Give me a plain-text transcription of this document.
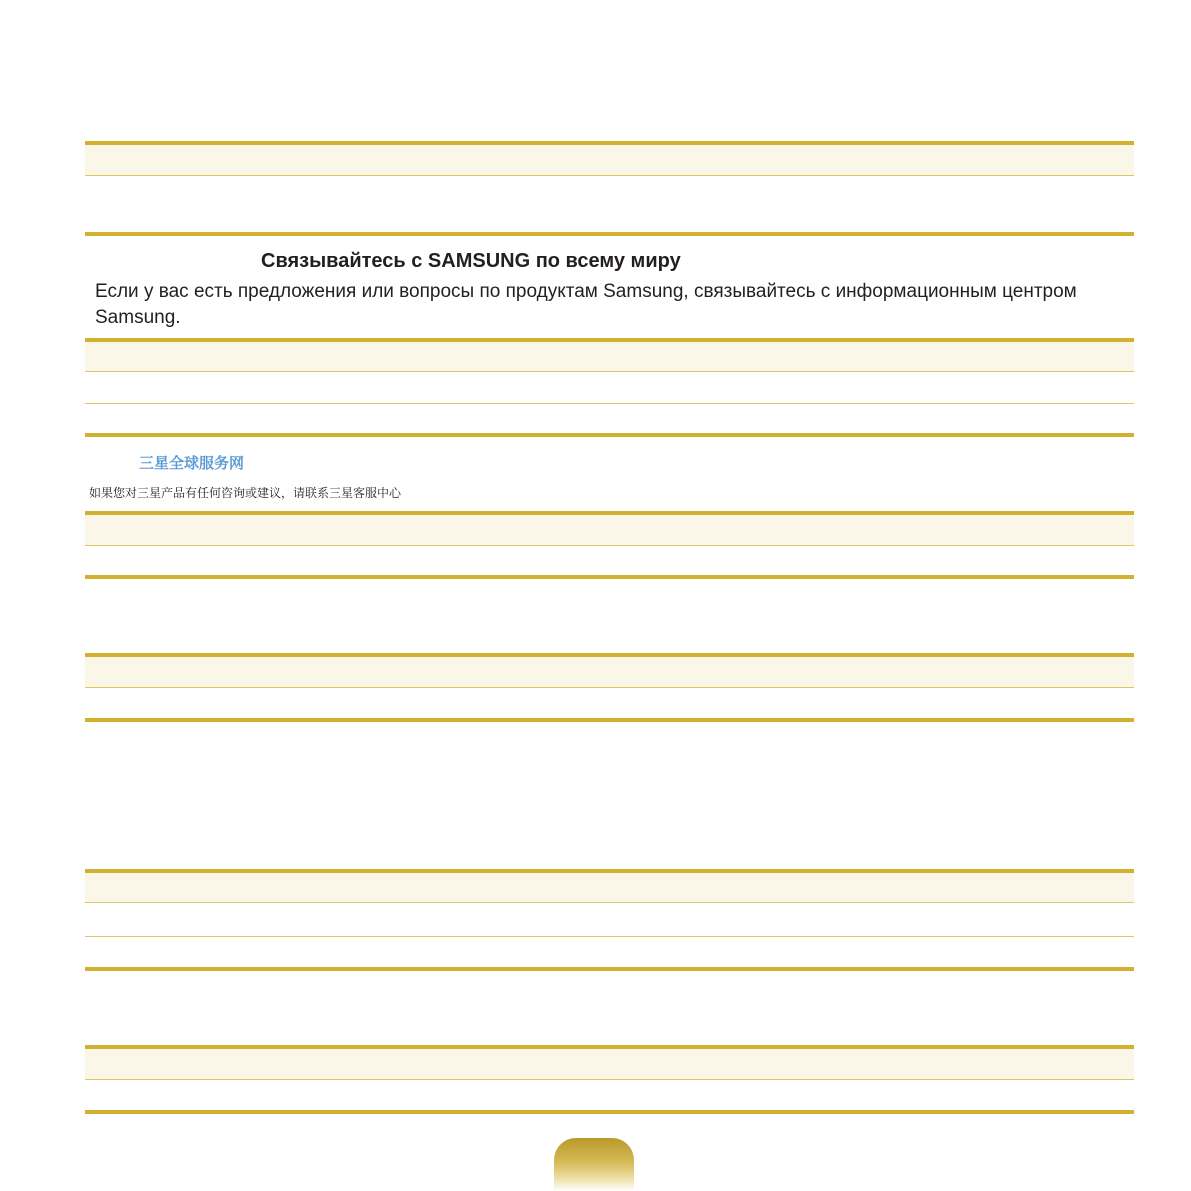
Связывайтесь с SAMSUNG по всему миру
Если у вас есть предложения или вопросы по продуктам Samsung, связывайтесь с информационным центром
Samsung.
三星全球服务网
如果您对三星产品有任何咨询或建议，请联系三星客服中心
